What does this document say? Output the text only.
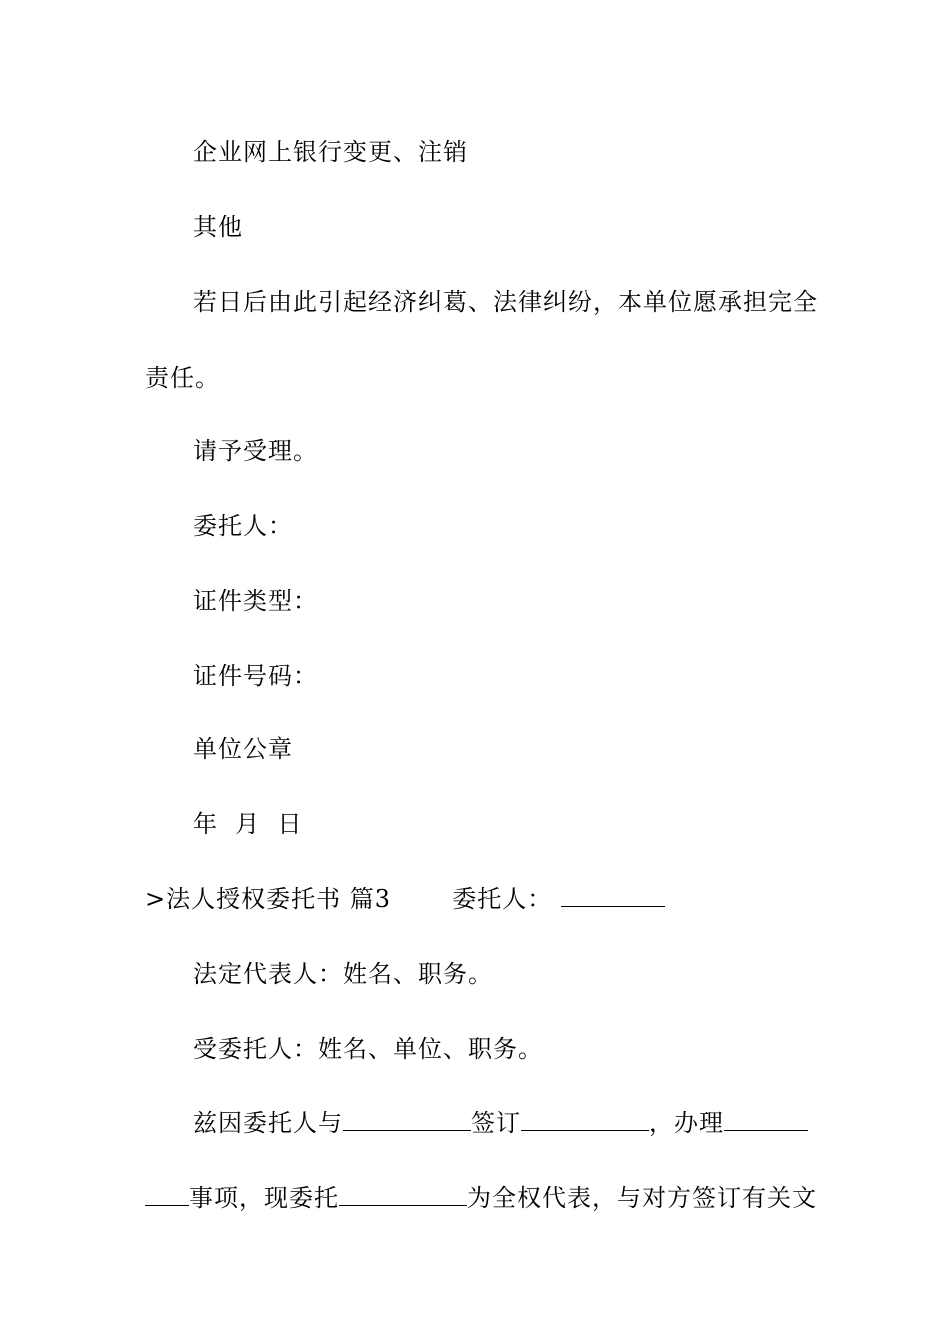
企业网上银行变更、注销
其他
若日后由此引起经济纠葛、法律纠纷，本单位愿承担完全
责任。
请予受理。
委托人：
证件类型：
证件号码：
单位公章
年  月  日
>法人授权委托书 篇3	委托人：
法定代表人：姓名、职务。
受委托人：姓名、单位、职务。
兹因委托人与	签订	，办理
事项，现委托	为全权代表，与对方签订有关文
